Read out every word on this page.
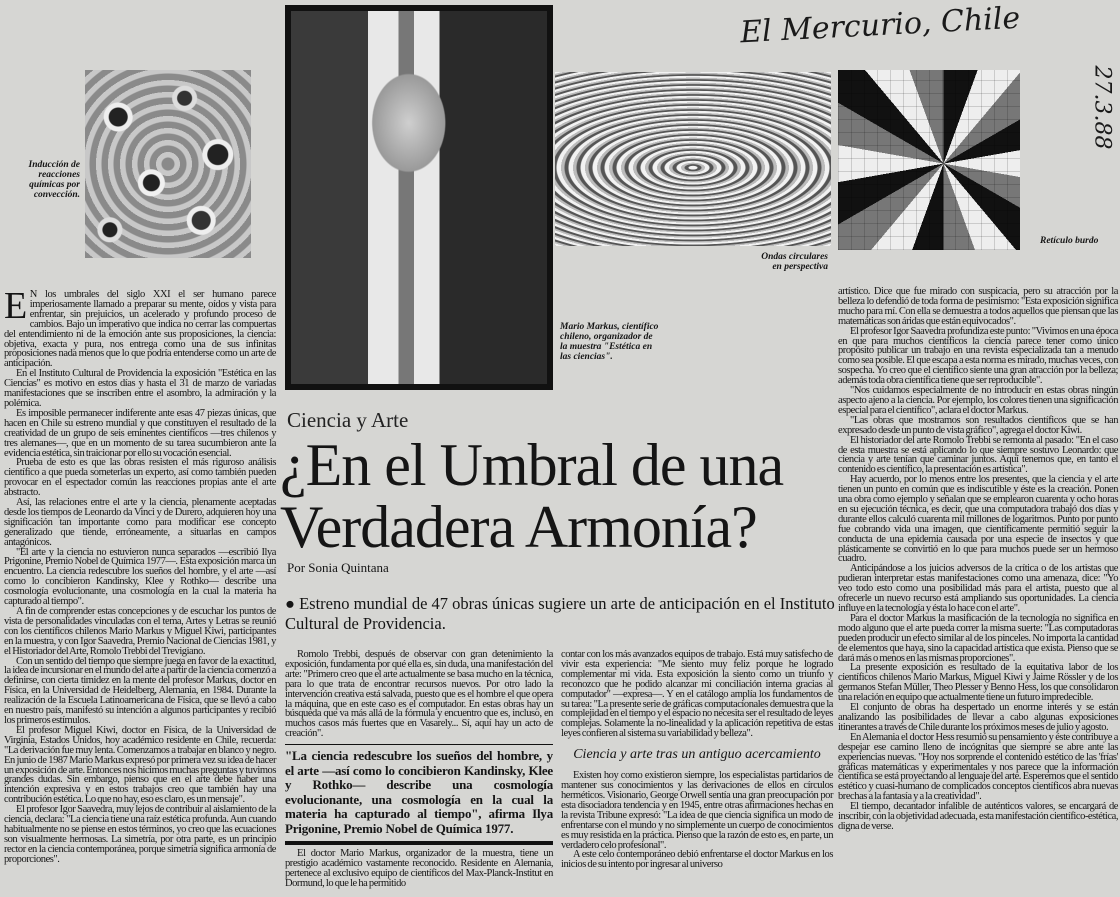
El Mercurio, Chile
27.3.88
Inducción de reacciones químicas por convección.
Ondas circulares en perspectiva
Retículo burdo
Mario Markus, científico chileno, organizador de la muestra "Estética en las ciencias".
Ciencia y Arte
¿En el Umbral de una
Verdadera Armonía?
Por Sonia Quintana
● Estreno mundial de 47 obras únicas sugiere un arte de anticipación en el Instituto Cultural de Providencia.

E N los umbrales del siglo XXI el ser humano parece imperiosamente llamado a preparar su mente, oídos y vista para enfrentar, sin prejuicios, un acelerado y profundo proceso de cambios. Bajo un imperativo que indica no cerrar las compuertas del entendimiento ni de la emoción ante sus proposiciones, la ciencia: objetiva, exacta y pura, nos entrega como una de sus infinitas proposiciones nada menos que lo que podría entenderse como un arte de anticipación.

En el Instituto Cultural de Providencia la exposición "Estética en las Ciencias" es motivo en estos días y hasta el 31 de marzo de variadas manifestaciones que se inscriben entre el asombro, la admiración y la polémica.

Es imposible permanecer indiferente ante esas 47 piezas únicas, que hacen en Chile su estreno mundial y que constituyen el resultado de la creatividad de un grupo de seis eminentes científicos —tres chilenos y tres alemanes—, que en un momento de su tarea sucumbieron ante la evidencia estética, sin traicionar por ello su vocación esencial.

Prueba de esto es que las obras resisten el más riguroso análisis científico a que pueda someterlas un experto, así como también pueden provocar en el espectador común las reacciones propias ante el arte abstracto.

Así, las relaciones entre el arte y la ciencia, plenamente aceptadas desde los tiempos de Leonardo da Vinci y de Durero, adquieren hoy una significación tan importante como para modificar ese concepto generalizado que tiende, erróneamente, a situarlas en campos antagónicos.

"El arte y la ciencia no estuvieron nunca separados —escribió Ilya Prigonine, Premio Nobel de Química 1977—. Esta exposición marca un encuentro. La ciencia redescubre los sueños del hombre, y el arte —así como lo concibieron Kandinsky, Klee y Rothko— describe una cosmología evolucionante, una cosmología en la cual la materia ha capturado al tiempo".

A fin de comprender estas concepciones y de escuchar los puntos de vista de personalidades vinculadas con el tema, Artes y Letras se reunió con los científicos chilenos Mario Markus y Miguel Kiwi, participantes en la muestra, y con Igor Saavedra, Premio Nacional de Ciencias 1981, y el Historiador del Arte, Romolo Trebbi del Trevigiano.

Con un sentido del tiempo que siempre juega en favor de la exactitud, la idea de incursionar en el mundo del arte a partir de la ciencia comenzó a definirse, con cierta timidez en la mente del profesor Markus, doctor en Física, en la Universidad de Heidelberg, Alemania, en 1984. Durante la realización de la Escuela Latinoamericana de Física, que se llevó a cabo en nuestro país, manifestó su intención a algunos participantes y recibió los primeros estímulos.

El profesor Miguel Kiwi, doctor en Física, de la Universidad de Virginia, Estados Unidos, hoy académico residente en Chile, recuerda: "La derivación fue muy lenta. Comenzamos a trabajar en blanco y negro. En junio de 1987 Mario Markus expresó por primera vez su idea de hacer un exposición de arte. Entonces nos hicimos muchas preguntas y tuvimos grandes dudas. Sin embargo, pienso que en el arte debe haber una intención expresiva y en estos trabajos creo que también hay una contribución estética. Lo que no hay, eso es claro, es un mensaje".

El profesor Igor Saavedra, muy lejos de contribuir al aislamiento de la ciencia, declara: "La ciencia tiene una raíz estética profunda. Aun cuando habitualmente no se piense en estos términos, yo creo que las ecuaciones son visualmente hermosas. La simetría, por otra parte, es un principio rector en la ciencia contemporánea, porque simetría significa armonía de proporciones".

Romolo Trebbi, después de observar con gran detenimiento la exposición, fundamenta por qué ella es, sin duda, una manifestación del arte: "Primero creo que el arte actualmente se basa mucho en la técnica, para lo que trata de encontrar recursos nuevos. Por otro lado la intervención creativa está salvada, puesto que es el hombre el que opera la máquina, que en este caso es el computador. En estas obras hay un búsqueda que va más allá de la fórmula y encuentro que es, incluso, en muchos casos más fuertes que en Vasarely... Sí, aquí hay un acto de creación".

"La ciencia redescubre los sueños del hombre, y el arte —así como lo concibieron Kandinsky, Klee y Rothko— describe una cosmología evolucionante, una cosmología en la cual la materia ha capturado al tiempo", afirma Ilya Prigonine, Premio Nobel de Química 1977.

El doctor Mario Markus, organizador de la muestra, tiene un prestigio académico vastamente reconocido. Residente en Alemania, pertenece al exclusivo equipo de científicos del Max-Planck-Institut en Dormund, lo que le ha permitido

contar con los más avanzados equipos de trabajo. Está muy satisfecho de vivir esta experiencia: "Me siento muy feliz porque he logrado complementar mi vida. Esta exposición la siento como un triunfo y reconozco que he podido alcanzar mi conciliación interna gracias al computador" —expresa—. Y en el catálogo amplía los fundamentos de su tarea: "La presente serie de gráficas computacionales demuestra que la complejidad en el tiempo y el espacio no necesita ser el resultado de leyes complejas. Solamente la no-linealidad y la aplicación repetitiva de estas leyes confieren al sistema su variabilidad y belleza".

Ciencia y arte tras un antiguo acercamiento

Existen hoy como existieron siempre, los especialistas partidarios de mantener sus conocimientos y las derivaciones de ellos en círculos herméticos. Visionario, George Orwell sentía una gran preocupación por esta disociadora tendencia y en 1945, entre otras afirmaciones hechas en la revista Tribune expresó: "La idea de que ciencia significa un modo de enfrentarse con el mundo y no simplemente un cuerpo de conocimientos es muy resistida en la práctica. Pienso que la razón de esto es, en parte, un verdadero celo profesional".

A este celo contemporáneo debió enfrentarse el doctor Markus en los inicios de su intento por ingresar al universo

artístico. Dice que fue mirado con suspicacia, pero su atracción por la belleza lo defendió de toda forma de pesimismo: "Esta exposición significa mucho para mí. Con ella se demuestra a todos aquellos que piensan que las matemáticas son áridas que están equivocados".

El profesor Igor Saavedra profundiza este punto: "Vivimos en una época en que para muchos científicos la ciencia parece tener como único propósito publicar un trabajo en una revista especializada tan a menudo como sea posible. El que escapa a esta norma es mirado, muchas veces, con sospecha. Yo creo que el científico siente una gran atracción por la belleza; además toda obra científica tiene que ser reproducible".

"Nos cuidamos especialmente de no introducir en estas obras ningún aspecto ajeno a la ciencia. Por ejemplo, los colores tienen una significación especial para el científico", aclara el doctor Markus.

"Las obras que mostramos son resultados científicos que se han expresado desde un punto de vista gráfico", agrega el doctor Kiwi.

El historiador del arte Romolo Trebbi se remonta al pasado: "En el caso de esta muestra se está aplicando lo que siempre sostuvo Leonardo: que ciencia y arte tenían que caminar juntos. Aquí tenemos que, en tanto el contenido es científico, la presentación es artística".

Hay acuerdo, por lo menos entre los presentes, que la ciencia y el arte tienen un punto en común que es indiscutible y éste es la creación. Ponen una obra como ejemplo y señalan que se emplearon cuarenta y ocho horas en su ejecución técnica, es decir, que una computadora trabajó dos días y durante ellos calculó cuarenta mil millones de logaritmos. Punto por punto fue cobrando vida una imagen, que científicamente permitió seguir la conducta de una epidemia causada por una especie de insectos y que plásticamente se convirtió en lo que para muchos puede ser un hermoso cuadro.

Anticipándose a los juicios adversos de la crítica o de los artistas que pudieran interpretar estas manifestaciones como una amenaza, dice: "Yo veo todo esto como una posibilidad más para el artista, puesto que al ofrecerle un nuevo recurso está ampliando sus oportunidades. La ciencia influye en la tecnología y ésta lo hace con el arte".

Para el doctor Markus la masificación de la tecnología no significa en modo alguno que el arte pueda correr la misma suerte: "Las computadoras pueden producir un efecto similar al de los pinceles. No importa la cantidad de elementos que haya, sino la capacidad artística que exista. Pienso que se dará más o menos en las mismas proporciones".

La presente exposición es resultado de la equitativa labor de los científicos chilenos Mario Markus, Miguel Kiwi y Jaime Rössler y de los germanos Stefan Müller, Theo Plesser y Benno Hess, los que consolidaron una relación en equipo que actualmente tiene un futuro impredecible.

El conjunto de obras ha despertado un enorme interés y se están analizando las posibilidades de llevar a cabo algunas exposiciones itinerantes a través de Chile durante los próximos meses de julio y agosto.

En Alemania el doctor Hess resumió su pensamiento y éste contribuye a despejar ese camino lleno de incógnitas que siempre se abre ante las experiencias nuevas. "Hoy nos sorprende el contenido estético de las 'frías' gráficas matemáticas y experimentales y nos parece que la información científica se está proyectando al lenguaje del arte. Esperemos que el sentido estético y cuasi-humano de complicados conceptos científicos abra nuevas brechas a la fantasía y a la creatividad".

El tiempo, decantador infalible de auténticos valores, se encargará de inscribir, con la objetividad adecuada, esta manifestación científico-estética, digna de verse.
